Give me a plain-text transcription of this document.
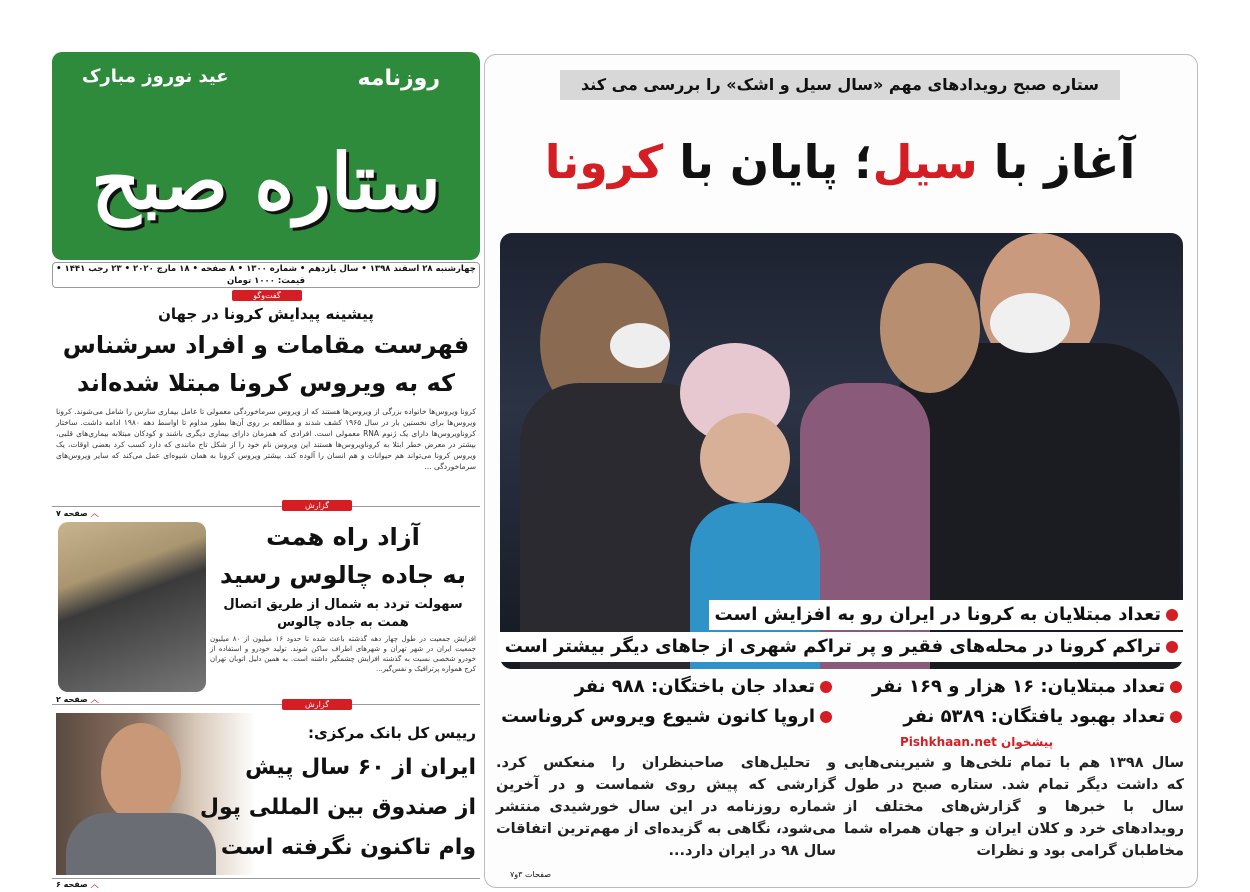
عید نوروز مبارک	روزنامه
ستاره صبح
چهارشنبه ۲۸ اسفند ۱۳۹۸ • سال یازدهم • شماره ۱۳۰۰ • ۸ صفحه • ۱۸ مارچ ۲۰۲۰ • ۲۳ رجب ۱۴۴۱ • قیمت: ۱۰۰۰ تومان
گفت‌وگو
پیشینه پیدایش کرونا در جهان
فهرست مقامات و افراد سرشناس
که به ویروس کرونا مبتلا شده‌اند
کرونا ویروس‌ها خانواده بزرگی از ویروس‌ها هستند که از ویروس سرماخوردگی معمولی تا عامل بیماری سارس را شامل می‌شوند. کرونا ویروس‌ها برای نخستین بار در سال ۱۹۶۵ کشف شدند و مطالعه بر روی آن‌ها بطور مداوم تا اواسط دهه ۱۹۸۰ ادامه داشت. ساختار کرونا‌ویروس‌ها دارای یک ژنوم RNA معمولی است. افرادی که همزمان دارای بیماری دیگری باشند و کودکان مبتلابه بیماری‌های قلبی، بیشتر در معرض خطر ابتلا به کروناویروس‌ها هستند این ویروس نام خود را از شکل تاج مانندی که دارد کسب کرد بعضی اوقات، یک ویروس کرونا می‌تواند هم حیوانات و هم انسان را آلوده کند. بیشتر ویروس کرونا به همان شیوه‌ای عمل می‌کند که سایر ویروس‌های سرماخوردگی ...
گزارش
︿ صفحه ۷
آزاد راه همت
به جاده چالوس رسید
سهولت تردد به شمال از طریق اتصال
همت به جاده چالوس
افزایش جمعیت در طول چهار دهه گذشته باعث شده تا حدود ۱۶ میلیون از ۸۰ میلیون جمعیت ایران در شهر تهران و شهرهای اطراف ساکن شوند. تولید خودرو و استفاده از خودرو شخصی نسبت به گذشته افزایش چشمگیر داشته است. به همین دلیل اتوبان تهران کرج همواره پرترافیک و نفس‌گیر...
گزارش
︿ صفحه ۲
رییس کل بانک مرکزی:
ایران از ۶۰ سال پیش
از صندوق بین المللی پول
وام تاکنون نگرفته است
︿ صفحه ۶
ستاره صبح رویدادهای مهم «سال سیل و اشک» را بررسی می کند
آغاز با سیل؛ پایان با کرونا
تعداد مبتلایان به کرونا در ایران رو به افزایش است
تراکم کرونا در محله‌های فقیر و پر تراکم شهری از جاهای دیگر بیشتر است
تعداد مبتلایان: ۱۶ هزار و ۱۶۹ نفر
تعداد جان باختگان: ۹۸۸ نفر
تعداد بهبود یافتگان: ۵۳۸۹ نفر
اروپا کانون شیوع ویروس کروناست
پیشخوان Pishkhaan.net
سال ۱۳۹۸ هم با تمام تلخی‌ها و شیرینی‌هایی که داشت دیگر تمام شد. ستاره صبح در طول سال با خبرها و گزارش‌های مختلف از رویدادهای خرد و کلان ایران و جهان همراه شما مخاطبان گرامی بود و نظرات
و تحلیل‌های صاحبنظران را منعکس کرد. گزارشی که پیش روی شماست و در آخرین شماره روزنامه در این سال خورشیدی منتشر می‌شود، نگاهی به گزیده‌ای از مهم‌ترین اتفاقات سال ۹۸ در ایران دارد...
صفحات ۳و۷
